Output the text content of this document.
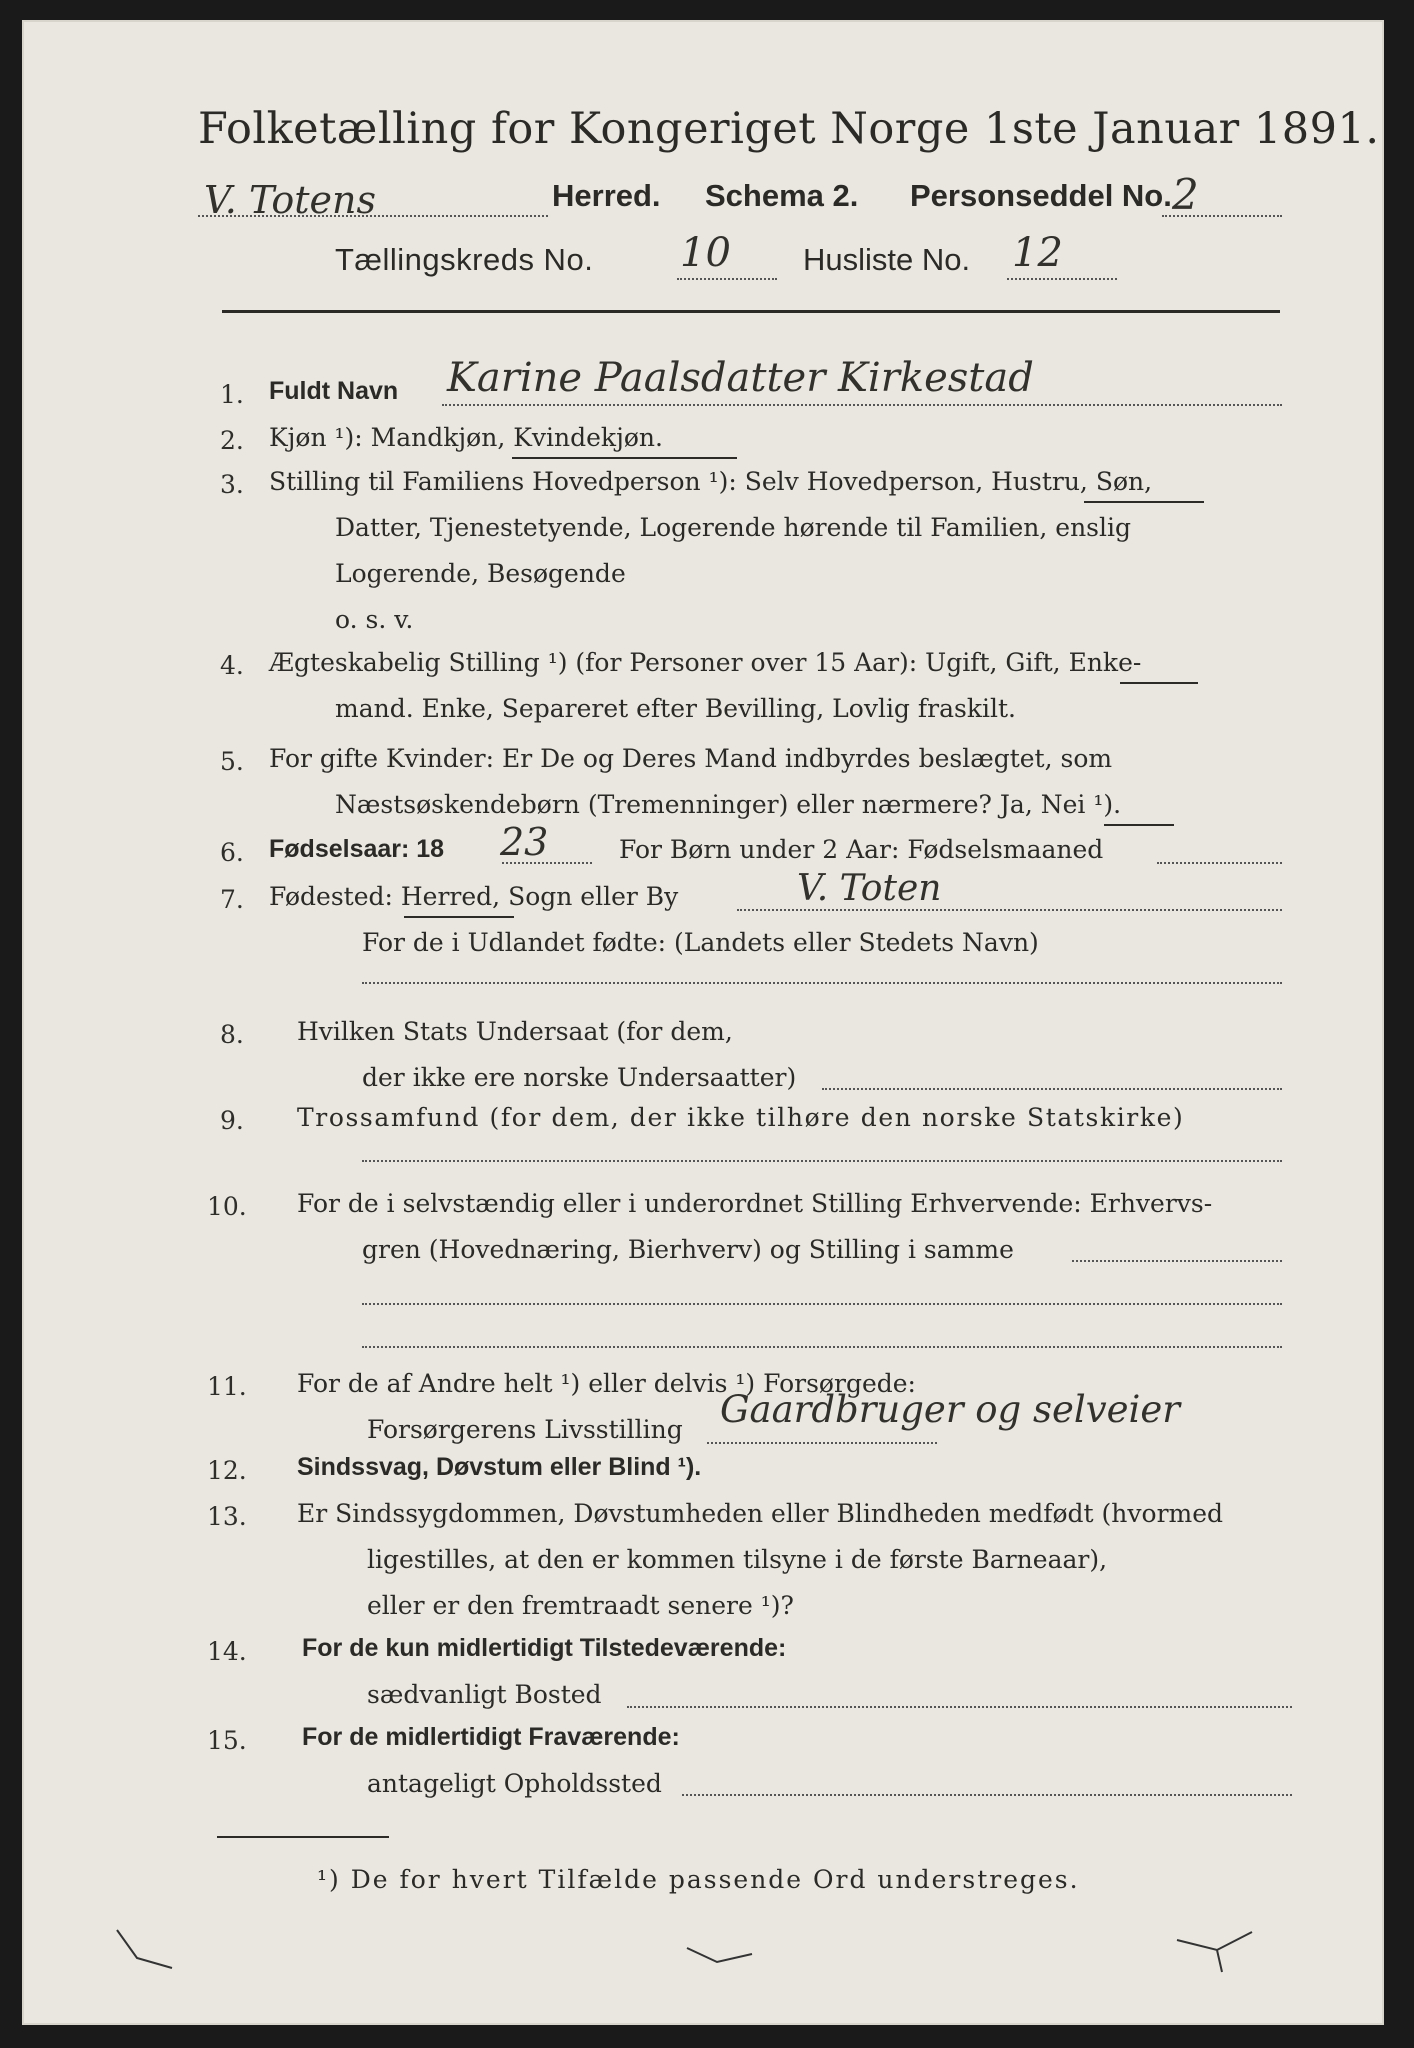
Folketælling for Kongeriget Norge 1ste Januar 1891.
V. Totens	Herred. Schema 2. Personseddel No. 2
Tællingskreds No. 10 Husliste No. 12
1. Fuldt Navn Karine Paalsdatter Kirkestad
2. Kjøn ¹): Mandkjøn, Kvindekjøn.
3. Stilling til Familiens Hovedperson ¹): Selv Hovedperson, Hustru, Søn,
Datter, Tjenestetyende, Logerende hørende til Familien, enslig
Logerende, Besøgende
o. s. v.
4. Ægteskabelig Stilling ¹) (for Personer over 15 Aar): Ugift, Gift, Enke-
mand. Enke, Separeret efter Bevilling, Lovlig fraskilt.
5. For gifte Kvinder: Er De og Deres Mand indbyrdes beslægtet, som
Næstsøskendebørn (Tremenninger) eller nærmere? Ja, Nei ¹).
6. Fødselsaar: 18 23	For Børn under 2 Aar: Fødselsmaaned
7. Fødested: Herred, Sogn eller By	V. Toten
For de i Udlandet fødte: (Landets eller Stedets Navn)
8. Hvilken Stats Undersaat (for dem,
der ikke ere norske Undersaatter)
9. Trossamfund (for dem, der ikke tilhøre den norske Statskirke)
10. For de i selvstændig eller i underordnet Stilling Erhvervende: Erhvervs-
gren (Hovednæring, Bierhverv) og Stilling i samme
11. For de af Andre helt ¹) eller delvis ¹) Forsørgede:
Forsørgerens Livsstilling Gaardbruger og selveier
12. Sindssvag, Døvstum eller Blind ¹).
13. Er Sindssygdommen, Døvstumheden eller Blindheden medfødt (hvormed
ligestilles, at den er kommen tilsyne i de første Barneaar),
eller er den fremtraadt senere ¹)?
14. For de kun midlertidigt Tilstedeværende:
sædvanligt Bosted
15. For de midlertidigt Fraværende:
antageligt Opholdssted
¹) De for hvert Tilfælde passende Ord understreges.
